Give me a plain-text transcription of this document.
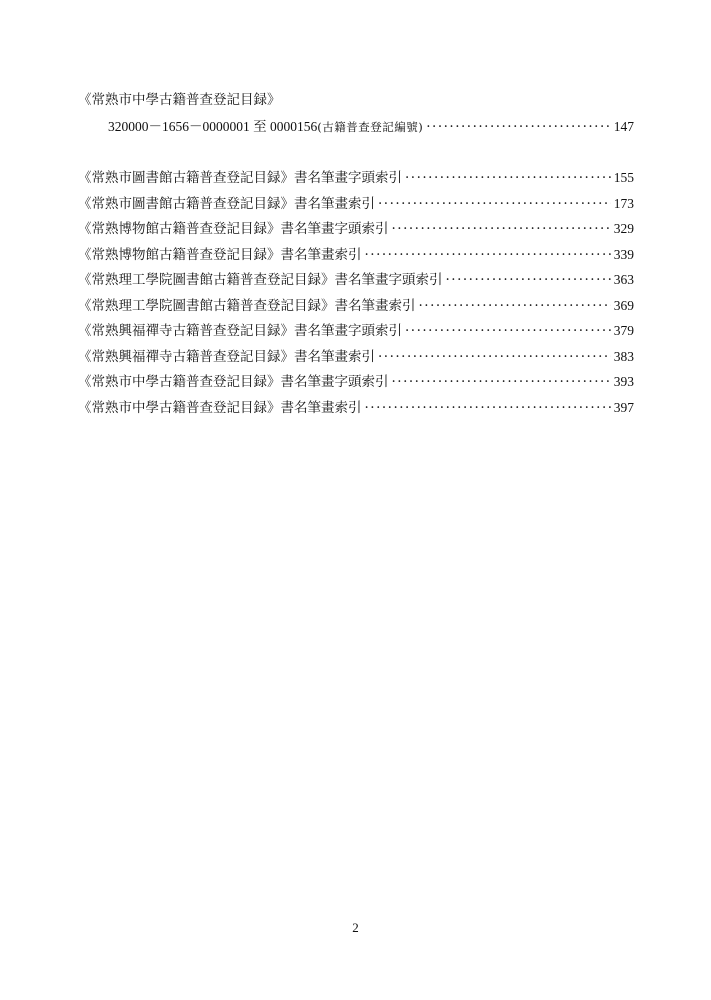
《常熟市中學古籍普查登記目録》
320000－1656－0000001 至 0000156 (古籍普查登記編號) ·····	147
《常熟市圖書館古籍普查登記目録》書名筆畫字頭索引 ·····	155
《常熟市圖書館古籍普查登記目録》書名筆畫索引 ·····	173
《常熟博物館古籍普查登記目録》書名筆畫字頭索引 ·····	329
《常熟博物館古籍普查登記目録》書名筆畫索引 ·····	339
《常熟理工學院圖書館古籍普查登記目録》書名筆畫字頭索引 ·····	363
《常熟理工學院圖書館古籍普查登記目録》書名筆畫索引 ·····	369
《常熟興福禪寺古籍普查登記目録》書名筆畫字頭索引 ·····	379
《常熟興福禪寺古籍普查登記目録》書名筆畫索引 ·····	383
《常熟市中學古籍普查登記目録》書名筆畫字頭索引 ·····	393
《常熟市中學古籍普查登記目録》書名筆畫索引 ·····	397
2
